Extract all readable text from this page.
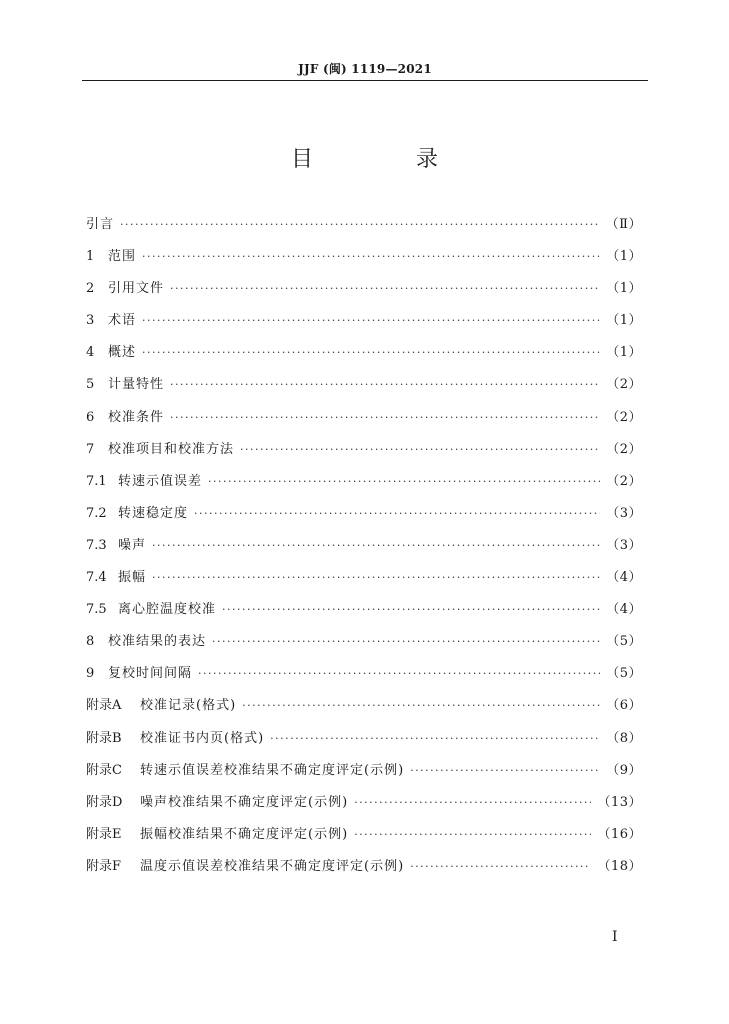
JJF (闽) 1119—2021
目 录
引言 ·····	（Ⅱ）
1	范围 ·····	（1）
2	引用文件 ·····	（1）
3	术语 ·····	（1）
4	概述 ·····	（1）
5	计量特性 ·····	（2）
6	校准条件 ·····	（2）
7	校准项目和校准方法 ·····	（2）
7.1 转速示值误差 ·····	（2）
7.2 转速稳定度 ·····	（3）
7.3 噪声 ·····	（3）
7.4 振幅 ·····	（4）
7.5 离心腔温度校准 ·····	（4）
8	校准结果的表达 ·····	（5）
9	复校时间间隔 ·····	（5）
附录A	校准记录(格式) ·····	（6）
附录B	校准证书内页(格式) ·····	（8）
附录C	转速示值误差校准结果不确定度评定(示例) ·····	（9）
附录D	噪声校准结果不确定度评定(示例) ·····	（13）
附录E	振幅校准结果不确定度评定(示例) ·····	（16）
附录F	温度示值误差校准结果不确定度评定(示例) ·····	（18）
I
